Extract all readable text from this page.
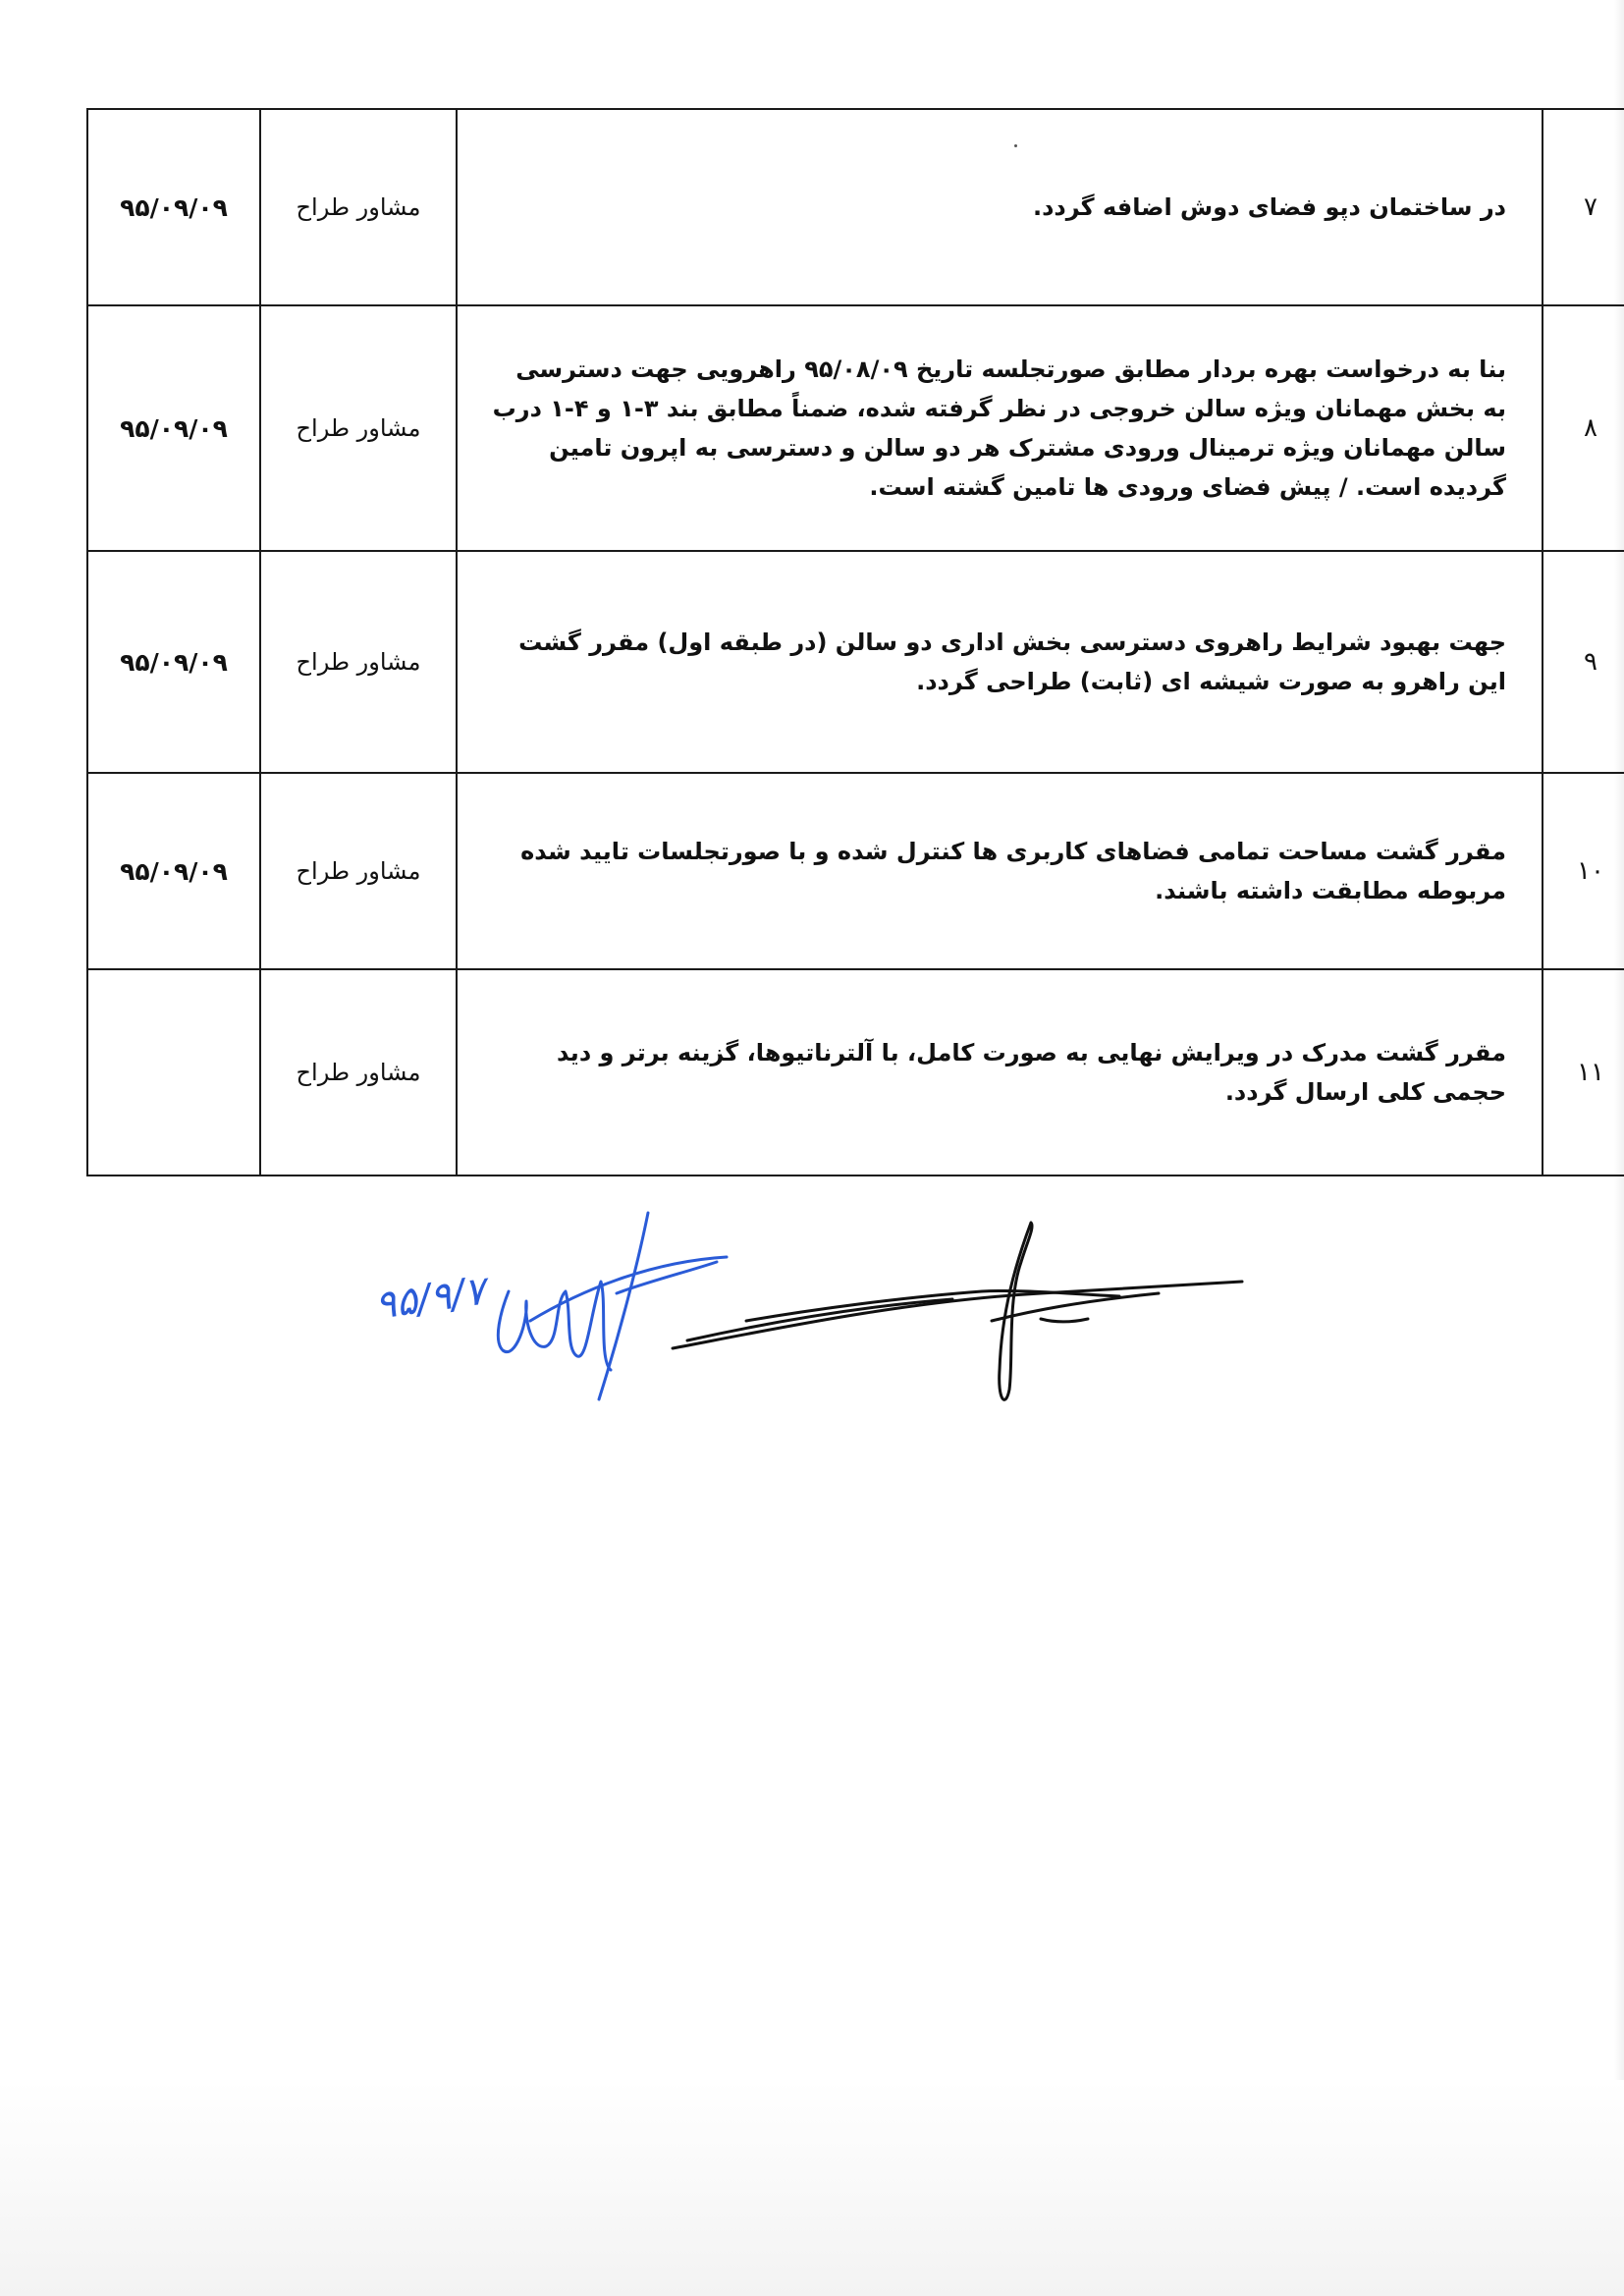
۷	در ساختمان دپو فضای دوش اضافه گردد.	مشاور طراح	۹۵/۰۹/۰۹
۸	بنا به درخواست بهره بردار مطابق صورتجلسه تاریخ ۹۵/۰۸/۰۹ راهرویی جهت دسترسی به بخش مهمانان ویژه سالن خروجی در نظر گرفته شده، ضمناً مطابق بند ۳-۱ و ۴-۱ درب سالن مهمانان ویژه ترمینال ورودی مشترک هر دو سالن و دسترسی به اپرون تامین گردیده است. / پیش فضای ورودی ها تامین گشته است.	مشاور طراح	۹۵/۰۹/۰۹
۹	جهت بهبود شرایط راهروی دسترسی بخش اداری دو سالن (در طبقه اول) مقرر گشت این راهرو به صورت شیشه ای (ثابت) طراحی گردد.	مشاور طراح	۹۵/۰۹/۰۹
۱۰	مقرر گشت مساحت تمامی فضاهای کاربری ها کنترل شده و با صورتجلسات تایید شده مربوطه مطابقت داشته باشند.	مشاور طراح	۹۵/۰۹/۰۹
۱۱	مقرر گشت مدرک در ویرایش نهایی به صورت کامل، با آلترناتیوها، گزینه برتر و دید حجمی کلی ارسال گردد.	مشاور طراح	
۹۵/۹/۷
